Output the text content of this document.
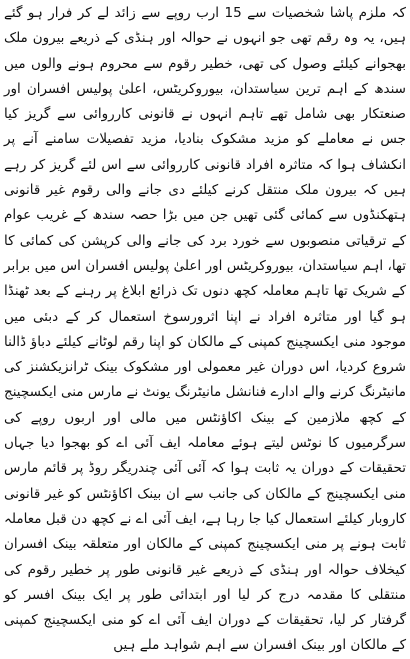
کہ ملزم پاشا شخصیات سے 15 ارب روپے سے زائد لے کر فرار ہو گئے ہیں، یہ وہ رقم تھی جو انہوں نے حوالہ اور ہنڈی کے ذریعے بیرون ملک بھجوانے کیلئے وصول کی تھی، خطیر رقوم سے محروم ہونے والوں میں سندھ کے اہم ترین سیاستدان، بیوروکریٹس، اعلیٰ پولیس افسران اور صنعتکار بھی شامل تھے تاہم انہوں نے قانونی کارروائی سے گریز کیا جس نے معاملے کو مزید مشکوک بنادیا، مزید تفصیلات سامنے آنے پر انکشاف ہوا کہ متاثرہ افراد قانونی کارروائی سے اس لئے گریز کر رہے ہیں کہ بیرون ملک منتقل کرنے کیلئے دی جانے والی رقوم غیر قانونی ہتھکنڈوں سے کمائی گئی تھیں جن میں بڑا حصہ سندھ کے غریب عوام کے ترقیاتی منصوبوں سے خورد برد کی جانے والی کرپشن کی کمائی کا تھا، اہم سیاستدان، بیوروکریٹس اور اعلیٰ پولیس افسران اس میں برابر کے شریک تھا تاہم معاملہ کچھ دنوں تک ذرائع ابلاغ پر رہنے کے بعد ٹھنڈا ہو گیا اور متاثرہ افراد نے اپنا اثرورسوخ استعمال کر کے دبئی میں موجود منی ایکسچینج کمپنی کے مالکان کو اپنا رقم لوٹانے کیلئے دباؤ ڈالنا شروع کردیا، اس دوران غیر معمولی اور مشکوک بینک ٹرانزیکشنز کی مانیٹرنگ کرنے والے ادارے فنانشل مانیٹرنگ یونٹ نے مارس منی ایکسچینج کے کچھ ملازمین کے بینک اکاؤنٹس میں مالی اور اربوں روپے کی سرگرمیوں کا نوٹس لیتے ہوئے معاملہ ایف آئی اے کو بھجوا دیا جہاں تحقیقات کے دوران یہ ثابت ہوا کہ آئی آئی چندریگر روڈ پر قائم مارس منی ایکسچینج کے مالکان کی جانب سے ان بینک اکاؤنٹس کو غیر قانونی کاروبار کیلئے استعمال کیا جا رہا ہے، ایف آئی اے نے کچھ دن قبل معاملہ ثابت ہونے پر منی ایکسچینج کمپنی کے مالکان اور متعلقہ بینک افسران کیخلاف حوالہ اور ہنڈی کے ذریعے غیر قانونی طور پر خطیر رقوم کی منتقلی کا مقدمہ درج کر لیا اور ابتدائی طور پر ایک بینک افسر کو گرفتار کر لیا، تحقیقات کے دوران ایف آئی اے کو منی ایکسچینج کمپنی کے مالکان اور بینک افسران سے اہم شواہد ملے ہیں
